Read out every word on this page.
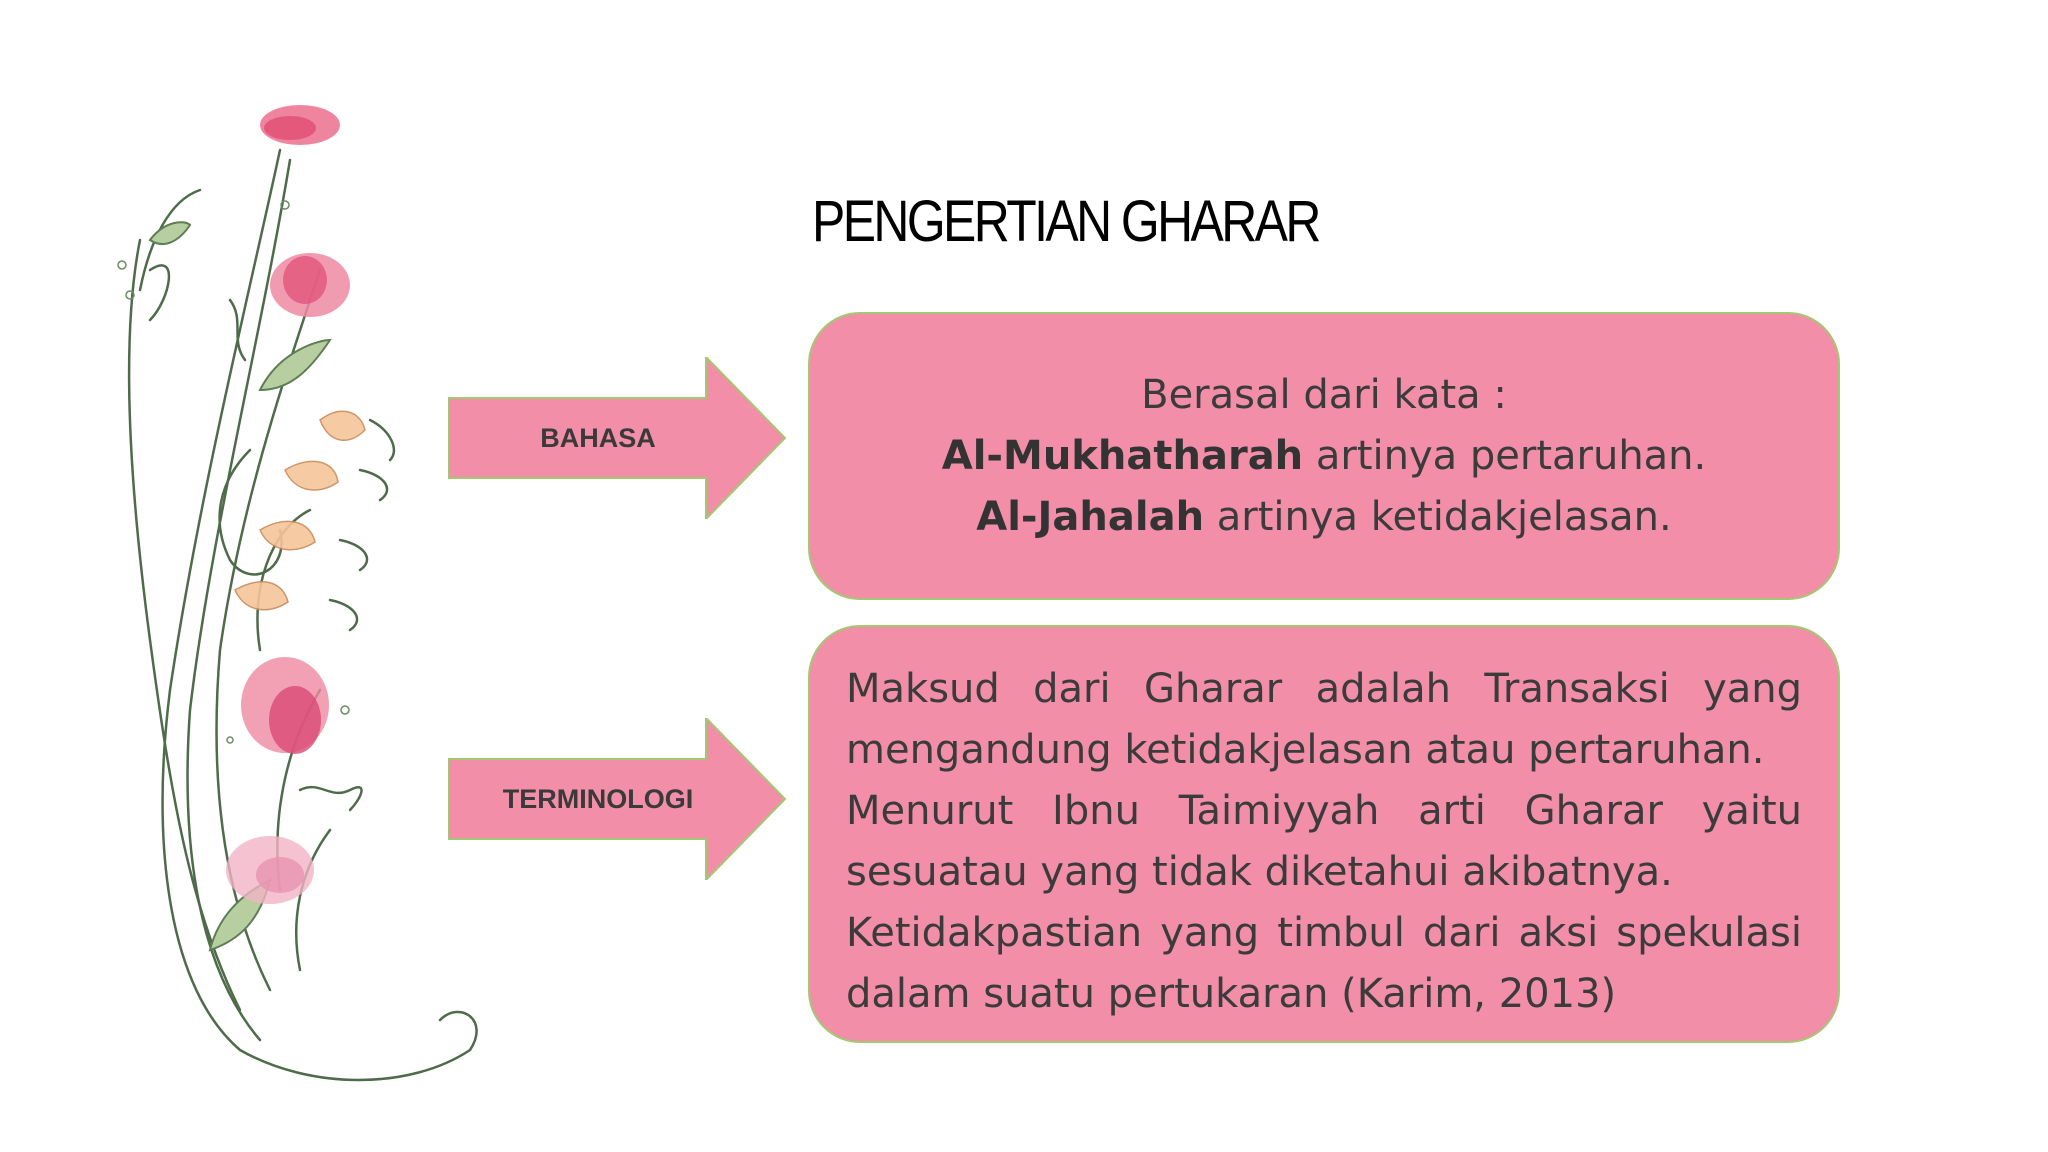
PENGERTIAN GHARAR
BAHASA
TERMINOLOGI
Berasal dari kata :
Al-Mukhatharah artinya pertaruhan.
Al-Jahalah artinya ketidakjelasan.
Maksud dari Gharar adalah Transaksi yang
mengandung ketidakjelasan atau pertaruhan.
Menurut Ibnu Taimiyyah arti Gharar yaitu
sesuatau yang tidak diketahui akibatnya.
Ketidakpastian yang timbul dari aksi spekulasi
dalam suatu pertukaran (Karim, 2013)
